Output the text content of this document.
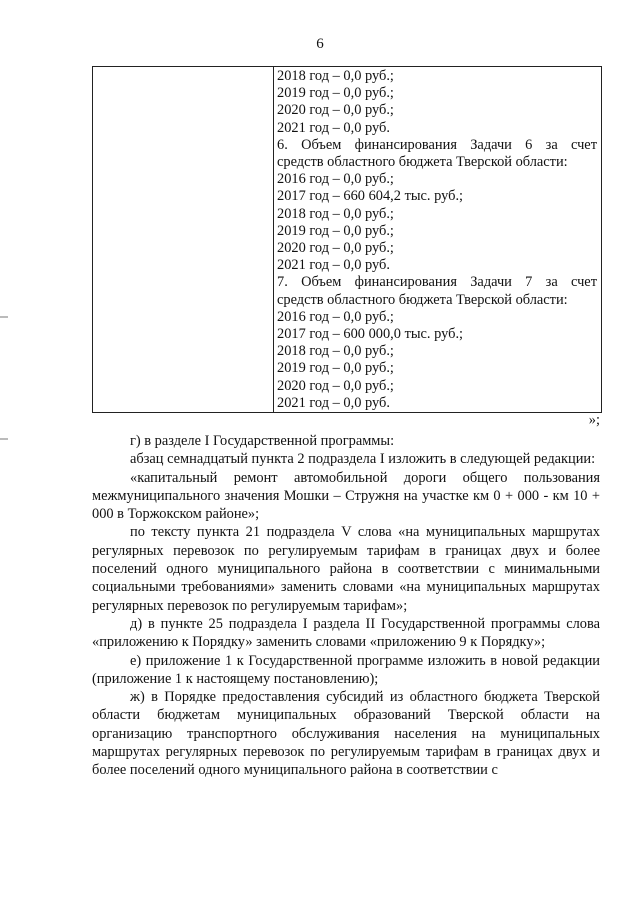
6
2018 год – 0,0 руб.;
2019 год – 0,0 руб.;
2020 год – 0,0 руб.;
2021 год – 0,0 руб.
6. Объем финансирования Задачи 6 за счет
средств областного бюджета Тверской области:
2016 год – 0,0 руб.;
2017 год – 660 604,2 тыс. руб.;
2018 год – 0,0 руб.;
2019 год – 0,0 руб.;
2020 год – 0,0 руб.;
2021 год – 0,0 руб.
7. Объем финансирования Задачи 7 за счет
средств областного бюджета Тверской области:
2016 год – 0,0 руб.;
2017 год – 600 000,0 тыс. руб.;
2018 год – 0,0 руб.;
2019 год – 0,0 руб.;
2020 год – 0,0 руб.;
2021 год – 0,0 руб.
»;

г) в разделе I Государственной программы:

абзац семнадцатый пункта 2 подраздела I изложить в следующей редакции:

«капитальный ремонт автомобильной дороги общего пользования межмуниципального значения Мошки – Стружня на участке км 0 + 000 - км 10 + 000 в Торжокском районе»;

по тексту пункта 21 подраздела V слова «на муниципальных маршрутах регулярных перевозок по регулируемым тарифам в границах двух и более поселений одного муниципального района в соответствии с минимальными социальными требованиями» заменить словами «на муниципальных маршрутах регулярных перевозок по регулируемым тарифам»;

д) в пункте 25 подраздела I раздела II Государственной программы слова «приложению к Порядку» заменить словами «приложению 9 к Порядку»;

е) приложение 1 к Государственной программе изложить в новой редакции (приложение 1 к настоящему постановлению);

ж) в Порядке предоставления субсидий из областного бюджета Тверской области бюджетам муниципальных образований Тверской области на организацию транспортного обслуживания населения на муниципальных маршрутах регулярных перевозок по регулируемым тарифам в границах двух и более поселений одного муниципального района в соответствии с
